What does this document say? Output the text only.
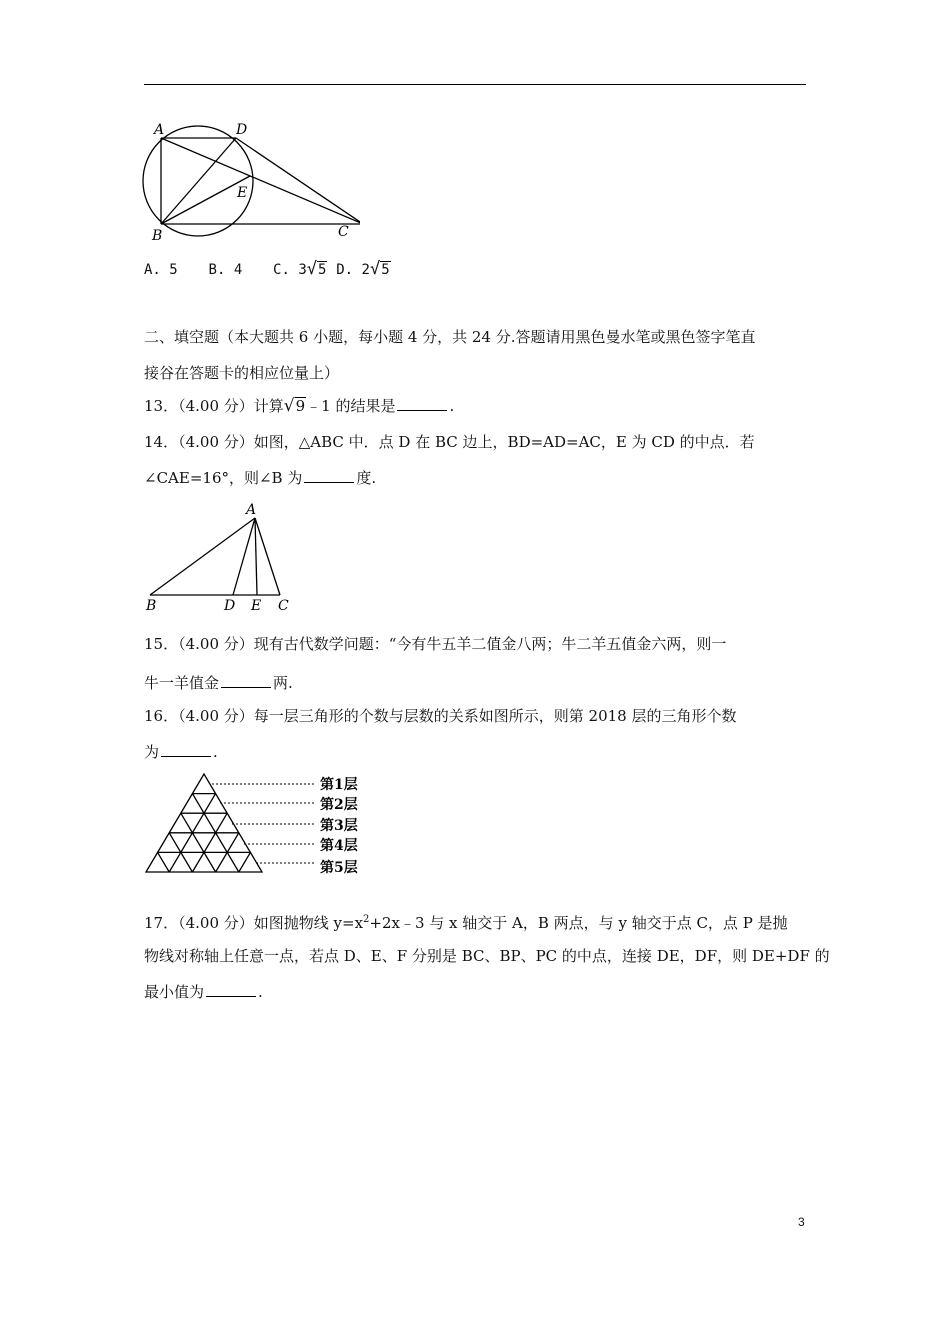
A	D
E
B	C
A. 5 B. 4 C. 3√5 D. 2√5
二、填空题（本大题共 6 小题，每小题 4 分，共 24 分.答题请用黑色曼水笔或黑色签字笔直
接谷在答题卡的相应位量上）
13．（4.00 分）计算√9﹣1 的结果是	.
14．（4.00 分）如图，△ABC 中．点 D 在 BC 边上，BD=AD=AC，E 为 CD 的中点．若
∠CAE=16°，则∠B 为	度.
A
B	D E C
15．（4.00 分）现有古代数学问题：“今有牛五羊二值金八两；牛二羊五值金六两，则一
牛一羊值金	两.
16．（4.00 分）每一层三角形的个数与层数的关系如图所示，则第 2018 层的三角形个数
为	.
第1层
第2层
第3层
第4层
第5层
17．（4.00 分）如图抛物线 $y=x^2+2x﹣3$ 与 x 轴交于 A，B 两点，与 y 轴交于点 C，点 P 是抛
物线对称轴上任意一点，若点 D、E、F 分别是 BC、BP、PC 的中点，连接 DE，DF，则 DE+DF 的
最小值为	.
3
